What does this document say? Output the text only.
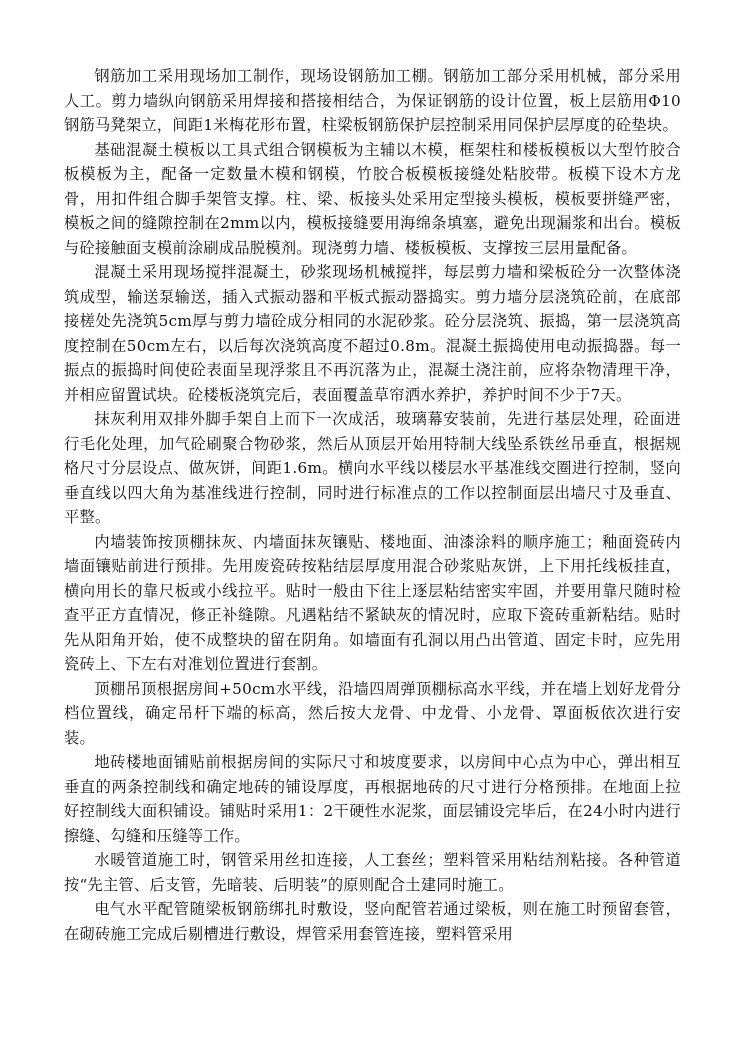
钢筋加工采用现场加工制作，现场设钢筋加工棚。钢筋加工部分采用机械，部分采用人工。剪力墙纵向钢筋采用焊接和搭接相结合，为保证钢筋的设计位置，板上层筋用Φ10钢筋马凳架立，间距1米梅花形布置，柱梁板钢筋保护层控制采用同保护层厚度的砼垫块。

基础混凝土模板以工具式组合钢模板为主辅以木模，框架柱和楼板模板以大型竹胶合板模板为主，配备一定数量木模和钢模，竹胶合板模板接缝处粘胶带。板模下设木方龙骨，用扣件组合脚手架管支撑。柱、梁、板接头处采用定型接头模板，模板要拼缝严密，模板之间的缝隙控制在2mm以内，模板接缝要用海绵条填塞，避免出现漏浆和出台。模板与砼接触面支模前涂刷成品脱模剂。现浇剪力墙、楼板模板、支撑按三层用量配备。

混凝土采用现场搅拌混凝土，砂浆现场机械搅拌，每层剪力墙和梁板砼分一次整体浇筑成型，输送泵输送，插入式振动器和平板式振动器捣实。剪力墙分层浇筑砼前，在底部接槎处先浇筑5cm厚与剪力墙砼成分相同的水泥砂浆。砼分层浇筑、振捣，第一层浇筑高度控制在50cm左右，以后每次浇筑高度不超过0.8m。混凝土振捣使用电动振捣器。每一振点的振捣时间使砼表面呈现浮浆且不再沉落为止，混凝土浇注前，应将杂物清理干净，并相应留置试块。砼楼板浇筑完后，表面覆盖草帘洒水养护，养护时间不少于7天。

抹灰利用双排外脚手架自上而下一次成活，玻璃幕安装前，先进行基层处理，砼面进行毛化处理，加气砼刷聚合物砂浆，然后从顶层开始用特制大线坠系铁丝吊垂直，根据规格尺寸分层设点、做灰饼，间距1.6m。横向水平线以楼层水平基准线交圈进行控制，竖向垂直线以四大角为基准线进行控制，同时进行标准点的工作以控制面层出墙尺寸及垂直、平整。

内墙装饰按顶棚抹灰、内墙面抹灰镶贴、楼地面、油漆涂料的顺序施工；釉面瓷砖内墙面镶贴前进行预排。先用废瓷砖按粘结层厚度用混合砂浆贴灰饼，上下用托线板挂直，横向用长的靠尺板或小线拉平。贴时一般由下往上逐层粘结密实牢固，并要用靠尺随时检查平正方直情况，修正补缝隙。凡遇粘结不紧缺灰的情况时，应取下瓷砖重新粘结。贴时先从阳角开始，使不成整块的留在阴角。如墙面有孔洞以用凸出管道、固定卡时，应先用瓷砖上、下左右对准划位置进行套割。

顶棚吊顶根据房间+50cm水平线，沿墙四周弹顶棚标高水平线，并在墙上划好龙骨分档位置线，确定吊杆下端的标高，然后按大龙骨、中龙骨、小龙骨、罩面板依次进行安装。

地砖楼地面铺贴前根据房间的实际尺寸和坡度要求，以房间中心点为中心，弹出相互垂直的两条控制线和确定地砖的铺设厚度，再根据地砖的尺寸进行分格预排。在地面上拉好控制线大面积铺设。铺贴时采用1：2干硬性水泥浆，面层铺设完毕后，在24小时内进行擦缝、勾缝和压缝等工作。

水暖管道施工时，钢管采用丝扣连接，人工套丝；塑料管采用粘结剂粘接。各种管道按“先主管、后支管，先暗装、后明装”的原则配合土建同时施工。

电气水平配管随梁板钢筋绑扎时敷设，竖向配管若通过梁板，则在施工时预留套管，在砌砖施工完成后剔槽进行敷设，焊管采用套管连接，塑料管采用
